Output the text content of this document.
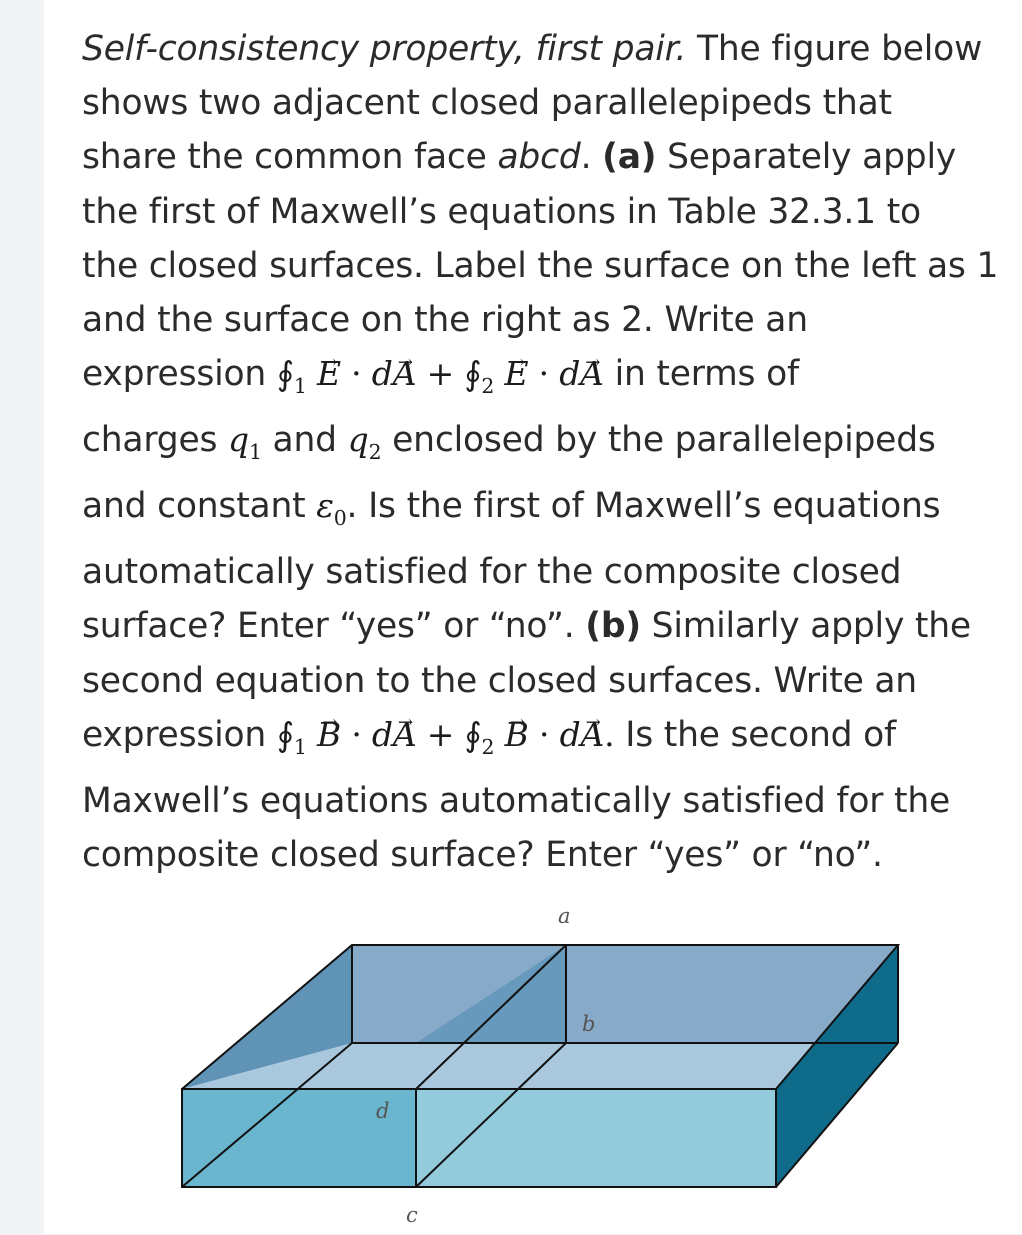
Self-consistency property, first pair. The figure below
shows two adjacent closed parallelepipeds that
share the common face abcd. (a) Separately apply
the first of Maxwell’s equations in Table 32.3.1 to
the closed surfaces. Label the surface on the left as 1
and the surface on the right as 2. Write an
expression $∮_1 \to E \cdot d\to A$ + $∮_2 \to E \cdot d\to A$ in terms of
charges $q_1$ and $q_2$ enclosed by the parallelepipeds
and constant $\varepsilon_0$. Is the first of Maxwell’s equations
automatically satisfied for the composite closed
surface? Enter “yes” or “no”. (b) Similarly apply the
second equation to the closed surfaces. Write an
expression $∮_1 \to B \cdot d\to A$ + $∮_2 \to B \cdot d\to A$. Is the second of
Maxwell’s equations automatically satisfied for the
composite closed surface? Enter “yes” or “no”.
a
b
d
c
